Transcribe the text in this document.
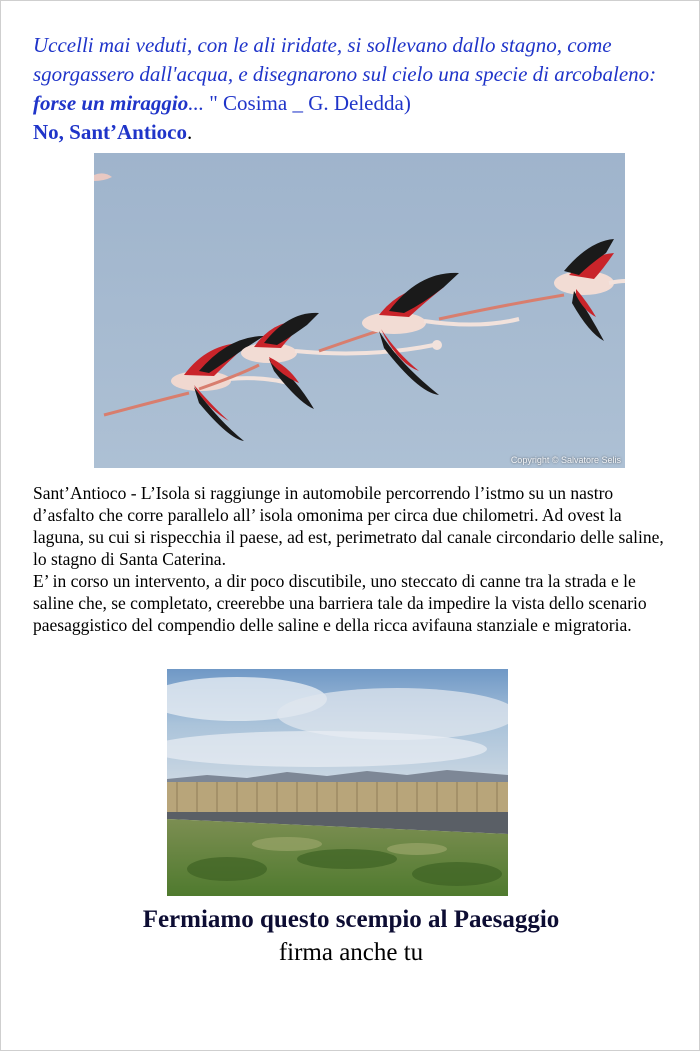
Uccelli mai veduti, con le ali iridate, si sollevano dallo stagno, come sgorgassero dall'acqua, e disegnarono sul cielo una specie di arcobaleno: forse un miraggio... " Cosima _ G. Deledda)
No, Sant’Antioco.
Copyright © Salvatore Selis

Sant’Antioco - L’Isola si raggiunge in automobile percorrendo l’istmo su un nastro d’asfalto che corre parallelo all’ isola omonima per circa due chilometri. Ad ovest la laguna, su cui si rispecchia il paese, ad est, perimetrato dal canale circondario delle saline, lo stagno di Santa Caterina.

E’ in corso un intervento, a dir poco discutibile, uno steccato di canne tra la strada e le saline che, se completato, creerebbe una barriera tale da impedire la vista dello scenario paesaggistico del compendio delle saline e della ricca avifauna stanziale e migratoria.

Fermiamo questo scempio al Paesaggio
firma anche tu
